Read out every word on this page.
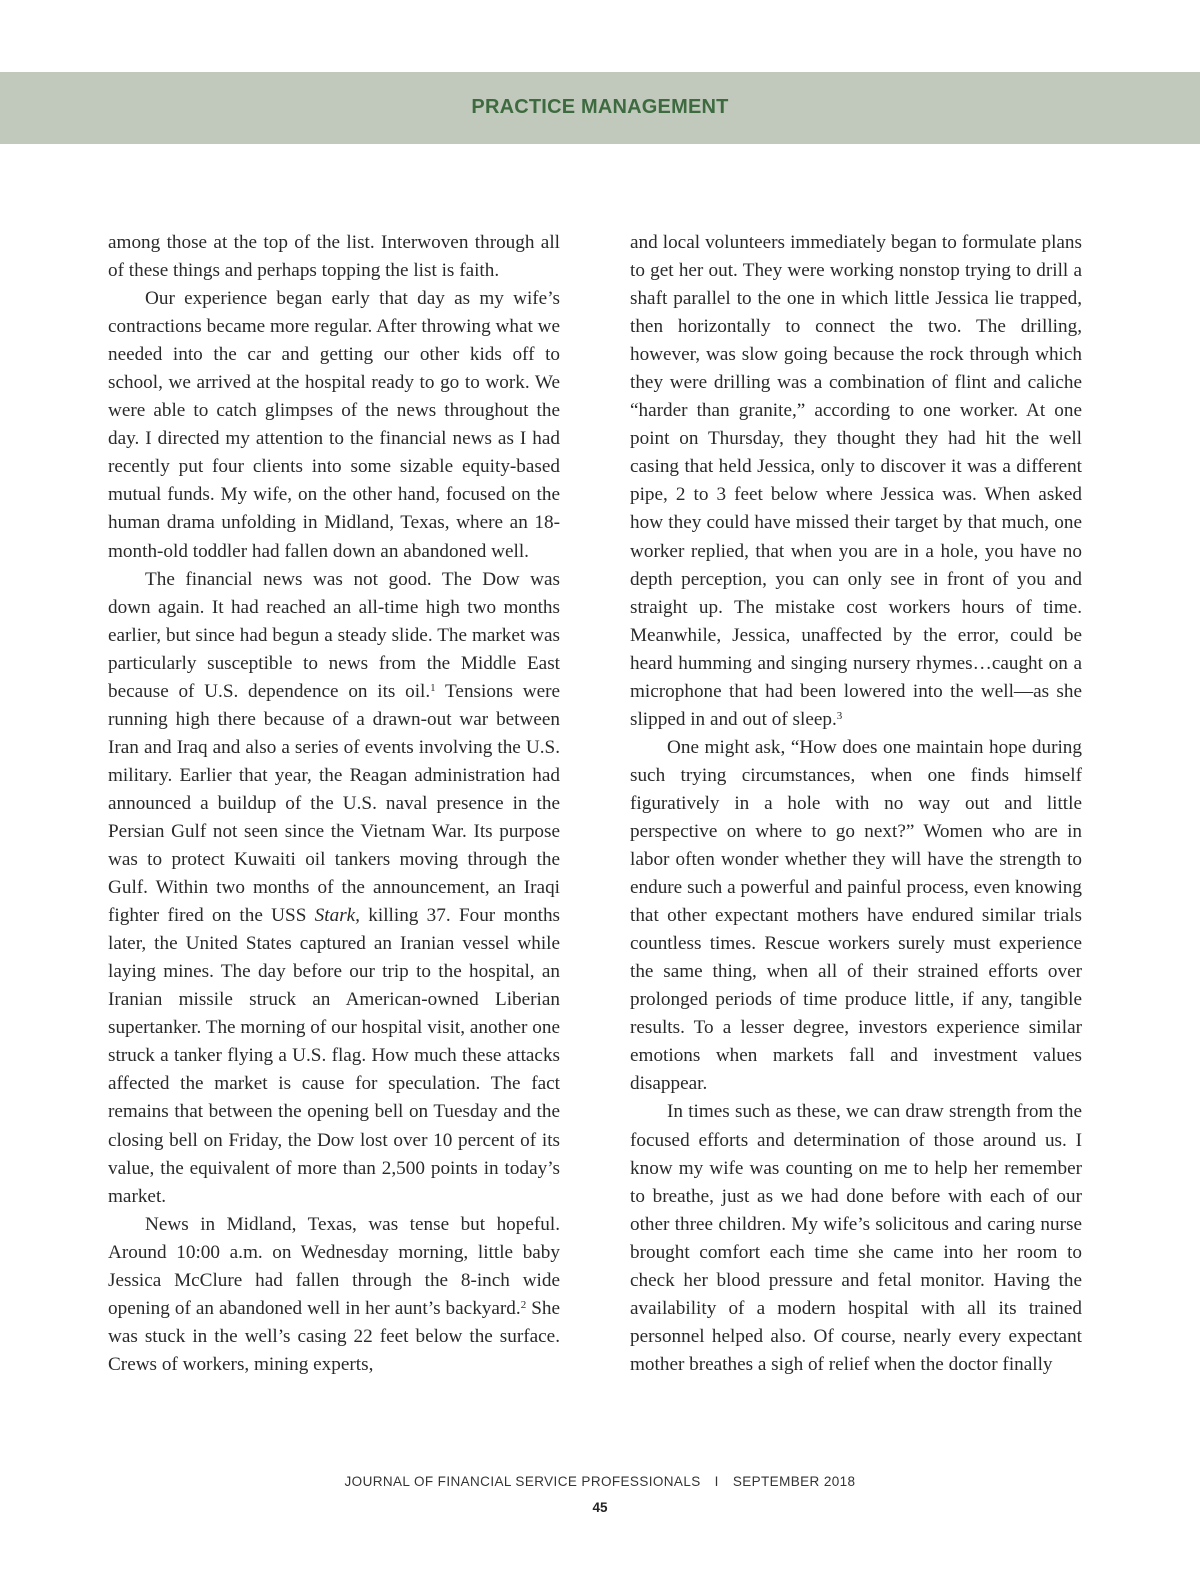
PRACTICE MANAGEMENT

among those at the top of the list. Interwoven through all of these things and perhaps topping the list is faith.

Our experience began early that day as my wife’s contractions became more regular. After throwing what we needed into the car and getting our other kids off to school, we arrived at the hospital ready to go to work. We were able to catch glimpses of the news throughout the day. I directed my attention to the financial news as I had recently put four clients into some sizable equity-based mutual funds. My wife, on the other hand, focused on the human drama unfolding in Midland, Texas, where an 18-month-old toddler had fallen down an abandoned well.

The financial news was not good. The Dow was down again. It had reached an all-time high two months earlier, but since had begun a steady slide. The market was particularly susceptible to news from the Middle East because of U.S. dependence on its oil.$^1$ Tensions were running high there because of a drawn-out war between Iran and Iraq and also a series of events involving the U.S. military. Earlier that year, the Reagan administration had announced a buildup of the U.S. naval presence in the Persian Gulf not seen since the Vietnam War. Its purpose was to protect Kuwaiti oil tankers moving through the Gulf. Within two months of the announcement, an Iraqi fighter fired on the USS Stark, killing 37. Four months later, the United States captured an Iranian vessel while laying mines. The day before our trip to the hospital, an Iranian missile struck an American-owned Liberian supertanker. The morning of our hospital visit, another one struck a tanker flying a U.S. flag. How much these attacks affected the market is cause for speculation. The fact remains that between the opening bell on Tuesday and the closing bell on Friday, the Dow lost over 10 percent of its value, the equivalent of more than 2,500 points in today’s market.

News in Midland, Texas, was tense but hopeful. Around 10:00 a.m. on Wednesday morning, little baby Jessica McClure had fallen through the 8-inch wide opening of an abandoned well in her aunt’s backyard.$^2$ She was stuck in the well’s casing 22 feet below the surface. Crews of workers, mining experts,

and local volunteers immediately began to formulate plans to get her out. They were working nonstop trying to drill a shaft parallel to the one in which little Jessica lie trapped, then horizontally to connect the two. The drilling, however, was slow going because the rock through which they were drilling was a combination of flint and caliche “harder than granite,” according to one worker. At one point on Thursday, they thought they had hit the well casing that held Jessica, only to discover it was a different pipe, 2 to 3 feet below where Jessica was. When asked how they could have missed their target by that much, one worker replied, that when you are in a hole, you have no depth perception, you can only see in front of you and straight up. The mistake cost workers hours of time. Meanwhile, Jessica, unaffected by the error, could be heard humming and singing nursery rhymes…caught on a microphone that had been lowered into the well—as she slipped in and out of sleep.$^3$

One might ask, “How does one maintain hope during such trying circumstances, when one finds himself figuratively in a hole with no way out and little perspective on where to go next?” Women who are in labor often wonder whether they will have the strength to endure such a powerful and painful process, even knowing that other expectant mothers have endured similar trials countless times. Rescue workers surely must experience the same thing, when all of their strained efforts over prolonged periods of time produce little, if any, tangible results. To a lesser degree, investors experience similar emotions when markets fall and investment values disappear.

In times such as these, we can draw strength from the focused efforts and determination of those around us. I know my wife was counting on me to help her remember to breathe, just as we had done before with each of our other three children. My wife’s solicitous and caring nurse brought comfort each time she came into her room to check her blood pressure and fetal monitor. Having the availability of a modern hospital with all its trained personnel helped also. Of course, nearly every expectant mother breathes a sigh of relief when the doctor finally

JOURNAL OF FINANCIAL SERVICE PROFESSIONALS I SEPTEMBER 2018
45
